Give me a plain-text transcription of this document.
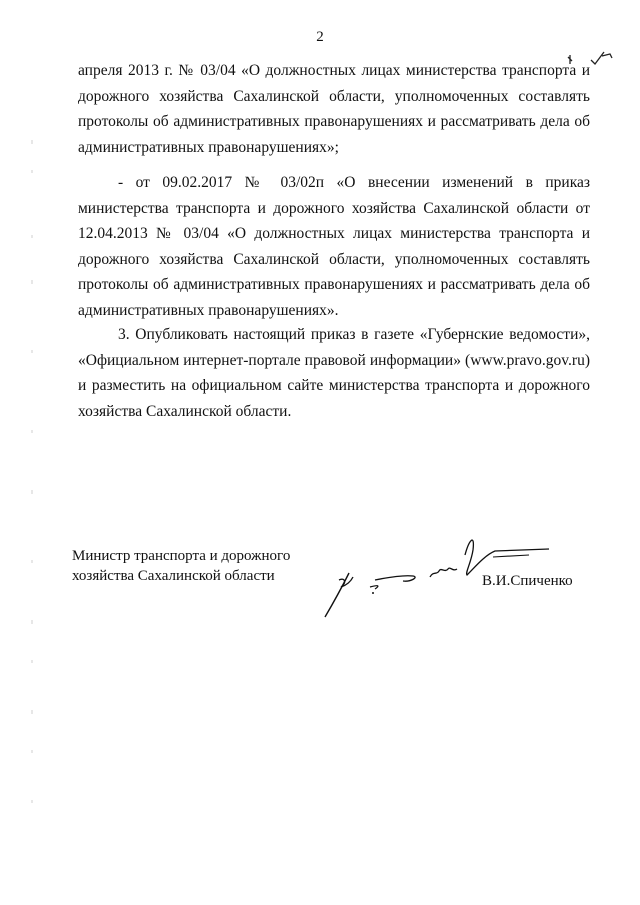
2
апреля 2013 г. № 03/04 «О должностных лицах министерства транспорта и дорожного хозяйства Сахалинской области, уполномоченных составлять протоколы об административных правонарушениях и рассматривать дела об административных правонарушениях»;
- от 09.02.2017 № 03/02п «О внесении изменений в приказ министерства транспорта и дорожного хозяйства Сахалинской области от 12.04.2013 № 03/04 «О должностных лицах министерства транспорта и дорожного хозяйства Сахалинской области, уполномоченных составлять протоколы об административных правонарушениях и рассматривать дела об административных правонарушениях».
3. Опубликовать настоящий приказ в газете «Губернские ведомости», «Официальном интернет-портале правовой информации» (www.pravo.gov.ru) и разместить на официальном сайте министерства транспорта и дорожного хозяйства Сахалинской области.
Министр транспорта и дорожного
хозяйства Сахалинской области	В.И.Спиченко
